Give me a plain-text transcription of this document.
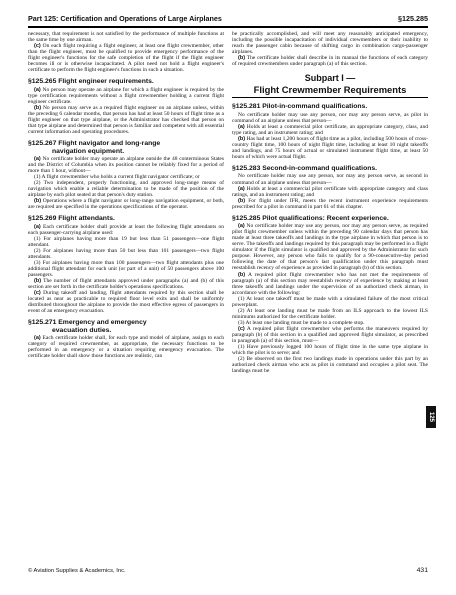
Part 125: Certification and Operations of Large Airplanes	§125.285

necessary, that requirement is not satisfied by the performance of multiple functions at the same time by one airman.

(c) On each flight requiring a flight engineer, at least one flight crewmember, other than the flight engineer, must be qualified to provide emergency performance of the flight engineer's functions for the safe completion of the flight if the flight engineer becomes ill or is otherwise incapacitated. A pilot need not hold a flight engineer's certificate to perform the flight engineer's functions in such a situation.

§125.265 Flight engineer requirements.

(a) No person may operate an airplane for which a flight engineer is required by the type certification requirements without a flight crewmember holding a current flight engineer certificate.

(b) No person may serve as a required flight engineer on an airplane unless, within the preceding 6 calendar months, that person has had at least 50 hours of flight time as a flight engineer on that type airplane, or the Administrator has checked that person on that type airplane and determined that person is familiar and competent with all essential current information and operating procedures.

§125.267 Flight navigator and long-range
navigation equipment.

(a) No certificate holder may operate an airplane outside the 48 conterminous States and the District of Columbia when its position cannot be reliably fixed for a period of more than 1 hour, without—

(1) A flight crewmember who holds a current flight navigator certificate; or

(2) Two independent, properly functioning, and approved long-range means of navigation which enable a reliable determination to be made of the position of the airplane by each pilot seated at that person's duty station.

(b) Operations where a flight navigator or long-range navigation equipment, or both, are required are specified in the operations specifications of the operator.

§125.269 Flight attendants.

(a) Each certificate holder shall provide at least the following flight attendants on each passenger-carrying airplane used:

(1) For airplanes having more than 19 but less than 51 passengers—one flight attendant.

(2) For airplanes having more than 50 but less than 101 passengers—two flight attendants.

(3) For airplanes having more than 100 passengers—two flight attendants plus one additional flight attendant for each unit (or part of a unit) of 50 passengers above 100 passengers.

(b) The number of flight attendants approved under paragraphs (a) and (b) of this section are set forth in the certificate holder's operations specifications.

(c) During takeoff and landing, flight attendants required by this section shall be located as near as practicable to required floor level exits and shall be uniformly distributed throughout the airplane to provide the most effective egress of passengers in event of an emergency evacuation.

§125.271 Emergency and emergency
evacuation duties.

(a) Each certificate holder shall, for each type and model of airplane, assign to each category of required crewmember, as appropriate, the necessary functions to be performed in an emergency or a situation requiring emergency evacuation. The certificate holder shall show those functions are realistic, can

be practically accomplished, and will meet any reasonably anticipated emergency, including the possible incapacitation of individual crewmembers or their inability to reach the passenger cabin because of shifting cargo in combination cargo-passenger airplanes.

(b) The certificate holder shall describe in its manual the functions of each category of required crewmembers under paragraph (a) of this section.

Subpart I —
Flight Crewmember Requirements
§125.281 Pilot-in-command qualifications.

No certificate holder may use any person, nor may any person serve, as pilot in command of an airplane unless that person—

(a) Holds at least a commercial pilot certificate, an appropriate category, class, and type rating, and an instrument rating; and

(b) Has had at least 1,200 hours of flight time as a pilot, including 500 hours of cross-country flight time, 100 hours of night flight time, including at least 10 night takeoffs and landings, and 75 hours of actual or simulated instrument flight time, at least 50 hours of which were actual flight.

§125.283 Second-in-command qualifications.

No certificate holder may use any person, nor may any person serve, as second in command of an airplane unless that person—

(a) Holds at least a commercial pilot certificate with appropriate category and class ratings, and an instrument rating; and

(b) For flight under IFR, meets the recent instrument experience requirements prescribed for a pilot in command in part 61 of this chapter.

§125.285 Pilot qualifications: Recent experience.

(a) No certificate holder may use any person, nor may any person serve, as required pilot flight crewmember unless within the preceding 90 calendar days that person has made at least three takeoffs and landings in the type airplane in which that person is to serve. The takeoffs and landings required by this paragraph may be performed in a flight simulator if the flight simulator is qualified and approved by the Administrator for such purpose. However, any person who fails to qualify for a 90-consecutive-day period following the date of that person's last qualification under this paragraph must reestablish recency of experience as provided in paragraph (b) of this section.

(b) A required pilot flight crewmember who has not met the requirements of paragraph (a) of this section may reestablish recency of experience by making at least three takeoffs and landings under the supervision of an authorized check airman, in accordance with the following:

(1) At least one takeoff must be made with a simulated failure of the most critical powerplant.

(2) At least one landing must be made from an ILS approach to the lowest ILS minimums authorized for the certificate holder.

(3) At least one landing must be made to a complete stop.

(c) A required pilot flight crewmember who performs the maneuvers required by paragraph (b) of this section in a qualified and approved flight simulator, as prescribed in paragraph (a) of this section, must—

(1) Have previously logged 100 hours of flight time in the same type airplane in which the pilot is to serve; and

(2) Be observed on the first two landings made in operations under this part by an authorized check airman who acts as pilot in command and occupies a pilot seat. The landings must be

125
© Aviation Supplies & Academics, Inc.	431
